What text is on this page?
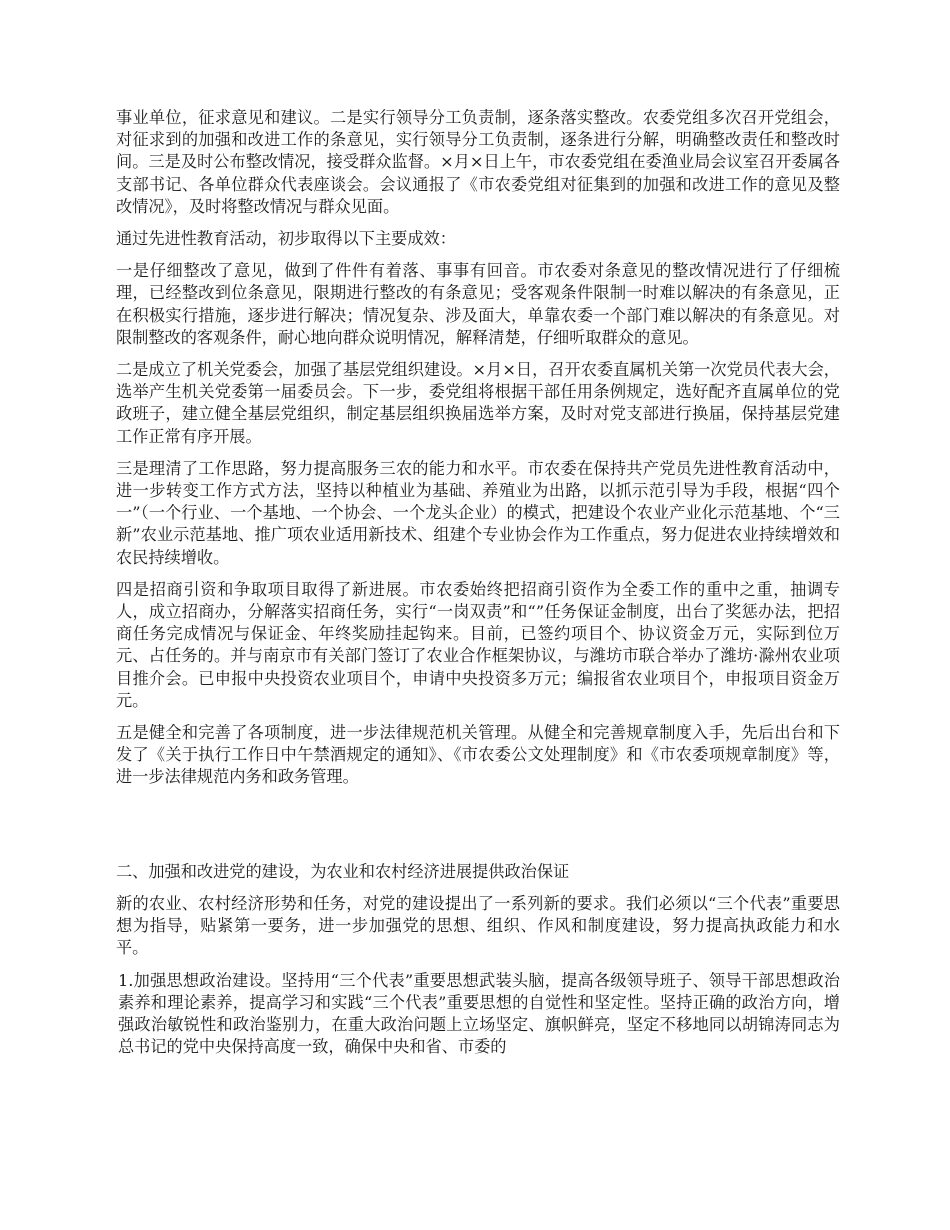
事业单位，征求意见和建议。二是实行领导分工负责制，逐条落实整改。农委党组多次召开党组会，对征求到的加强和改进工作的条意见，实行领导分工负责制，逐条进行分解，明确整改责任和整改时间。三是及时公布整改情况，接受群众监督。×月×日上午，市农委党组在委渔业局会议室召开委属各支部书记、各单位群众代表座谈会。会议通报了《市农委党组对征集到的加强和改进工作的意见及整改情况》，及时将整改情况与群众见面。

通过先进性教育活动，初步取得以下主要成效：

一是仔细整改了意见，做到了件件有着落、事事有回音。市农委对条意见的整改情况进行了仔细梳理，已经整改到位条意见，限期进行整改的有条意见；受客观条件限制一时难以解决的有条意见，正在积极实行措施，逐步进行解决；情况复杂、涉及面大，单靠农委一个部门难以解决的有条意见。对限制整改的客观条件，耐心地向群众说明情况，解释清楚，仔细听取群众的意见。

二是成立了机关党委会，加强了基层党组织建设。×月×日，召开农委直属机关第一次党员代表大会，选举产生机关党委第一届委员会。下一步，委党组将根据干部任用条例规定，选好配齐直属单位的党政班子，建立健全基层党组织，制定基层组织换届选举方案，及时对党支部进行换届，保持基层党建工作正常有序开展。

三是理清了工作思路，努力提高服务三农的能力和水平。市农委在保持共产党员先进性教育活动中，进一步转变工作方式方法，坚持以种植业为基础、养殖业为出路，以抓示范引导为手段，根据“四个一”（一个行业、一个基地、一个协会、一个龙头企业）的模式，把建设个农业产业化示范基地、个“三新”农业示范基地、推广项农业适用新技术、组建个专业协会作为工作重点，努力促进农业持续增效和农民持续增收。

四是招商引资和争取项目取得了新进展。市农委始终把招商引资作为全委工作的重中之重，抽调专人，成立招商办，分解落实招商任务，实行“一岗双责”和“”任务保证金制度，出台了奖惩办法，把招商任务完成情况与保证金、年终奖励挂起钩来。目前，已签约项目个、协议资金万元，实际到位万元、占任务的。并与南京市有关部门签订了农业合作框架协议，与潍坊市联合举办了潍坊·滁州农业项目推介会。已申报中央投资农业项目个，申请中央投资多万元；编报省农业项目个，申报项目资金万元。

五是健全和完善了各项制度，进一步法律规范机关管理。从健全和完善规章制度入手，先后出台和下发了《关于执行工作日中午禁酒规定的通知》、《市农委公文处理制度》和《市农委项规章制度》等，进一步法律规范内务和政务管理。

二、加强和改进党的建设，为农业和农村经济进展提供政治保证

新的农业、农村经济形势和任务，对党的建设提出了一系列新的要求。我们必须以“三个代表”重要思想为指导，贴紧第一要务，进一步加强党的思想、组织、作风和制度建设，努力提高执政能力和水平。

1.加强思想政治建设。坚持用“三个代表”重要思想武装头脑，提高各级领导班子、领导干部思想政治素养和理论素养，提高学习和实践“三个代表”重要思想的自觉性和坚定性。坚持正确的政治方向，增强政治敏锐性和政治鉴别力，在重大政治问题上立场坚定、旗帜鲜亮，坚定不移地同以胡锦涛同志为总书记的党中央保持高度一致，确保中央和省、市委的
